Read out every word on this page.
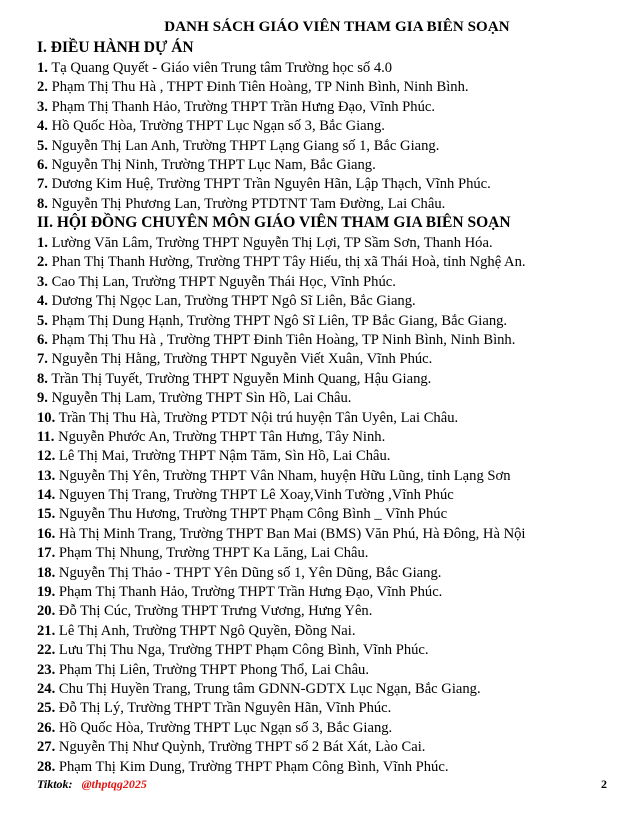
DANH SÁCH GIÁO VIÊN THAM GIA BIÊN SOẠN
I. ĐIỀU HÀNH DỰ ÁN
1. Tạ Quang Quyết - Giáo viên Trung tâm Trường học số 4.0
2. Phạm Thị Thu Hà , THPT Đinh Tiên Hoàng, TP Ninh Bình, Ninh Bình.
3. Phạm Thị Thanh Hảo, Trường THPT Trần Hưng Đạo, Vĩnh Phúc.
4. Hồ Quốc Hòa, Trường THPT Lục Ngạn số 3, Bắc Giang.
5. Nguyễn Thị Lan Anh, Trường THPT Lạng Giang số 1, Bắc Giang.
6. Nguyễn Thị Ninh, Trường THPT Lục Nam, Bắc Giang.
7. Dương Kim Huệ, Trường THPT Trần Nguyên Hãn, Lập Thạch, Vĩnh Phúc.
8. Nguyễn Thị Phương Lan, Trường PTDTNT Tam Đường, Lai Châu.
II. HỘI ĐỒNG CHUYÊN MÔN GIÁO VIÊN THAM GIA BIÊN SOẠN
1. Lường Văn Lâm, Trường THPT Nguyễn Thị Lợi, TP Sầm Sơn, Thanh Hóa.
2. Phan Thị Thanh Hường, Trường THPT Tây Hiếu, thị xã Thái Hoà, tỉnh Nghệ An.
3. Cao Thị Lan, Trường THPT Nguyễn Thái Học, Vĩnh Phúc.
4. Dương Thị Ngọc Lan, Trường THPT Ngô Sĩ Liên, Bắc Giang.
5. Phạm Thị Dung Hạnh, Trường THPT Ngô Sĩ Liên, TP Bắc Giang, Bắc Giang.
6. Phạm Thị Thu Hà , Trường THPT Đinh Tiên Hoàng, TP Ninh Bình, Ninh Bình.
7. Nguyễn Thị Hằng, Trường THPT Nguyễn Viết Xuân, Vĩnh Phúc.
8. Trần Thị Tuyết, Trường THPT Nguyễn Minh Quang, Hậu Giang.
9. Nguyễn Thị Lam, Trường THPT Sìn Hồ, Lai Châu.
10. Trần Thị Thu Hà, Trường PTDT Nội trú huyện Tân Uyên, Lai Châu.
11. Nguyễn Phước An, Trường THPT Tân Hưng, Tây Ninh.
12. Lê Thị Mai, Trường THPT Nậm Tăm, Sìn Hồ, Lai Châu.
13. Nguyễn Thị Yên, Trường THPT Vân Nham, huyện Hữu Lũng, tỉnh Lạng Sơn
14. Nguyen Thị Trang, Trường THPT Lê Xoay,Vinh Tường ,Vĩnh Phúc
15. Nguyễn Thu Hương, Trường THPT Phạm Công Bình _ Vĩnh Phúc
16. Hà Thị Minh Trang, Trường THPT Ban Mai (BMS) Văn Phú, Hà Đông, Hà Nội
17. Phạm Thị Nhung, Trường THPT Ka Lăng, Lai Châu.
18. Nguyễn Thị Thảo - THPT Yên Dũng số 1, Yên Dũng, Bắc Giang.
19. Phạm Thị Thanh Hảo, Trường THPT Trần Hưng Đạo, Vĩnh Phúc.
20. Đỗ Thị Cúc, Trường THPT Trưng Vương, Hưng Yên.
21. Lê Thị Anh, Trường THPT Ngô Quyền, Đồng Nai.
22. Lưu Thị Thu Nga, Trường THPT Phạm Công Bình, Vĩnh Phúc.
23. Phạm Thị Liên, Trường THPT Phong Thổ, Lai Châu.
24. Chu Thị Huyền Trang, Trung tâm GDNN-GDTX Lục Ngạn, Bắc Giang.
25. Đỗ Thị Lý, Trường THPT Trần Nguyên Hãn, Vĩnh Phúc.
26. Hồ Quốc Hòa, Trường THPT Lục Ngạn số 3, Bắc Giang.
27. Nguyễn Thị Như Quỳnh, Trường THPT số 2 Bát Xát, Lào Cai.
28. Phạm Thị Kim Dung, Trường THPT Phạm Công Bình, Vĩnh Phúc.
Tiktok: @thptqg2025	2
